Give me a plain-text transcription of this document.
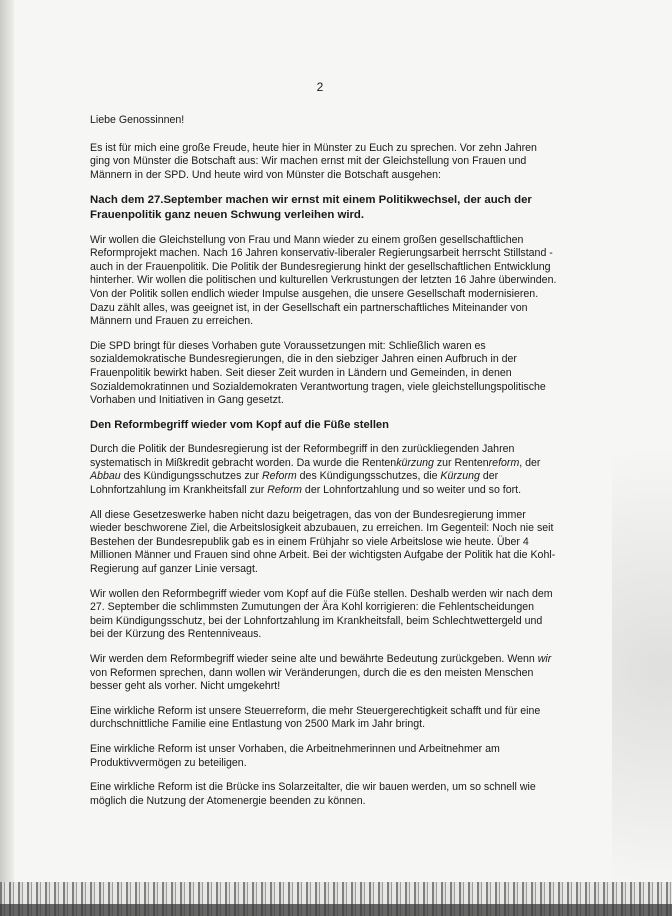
2

Liebe Genossinnen!

Es ist für mich eine große Freude, heute hier in Münster zu Euch zu sprechen. Vor zehn Jahren ging von Münster die Botschaft aus: Wir machen ernst mit der Gleichstellung von Frauen und Männern in der SPD. Und heute wird von Münster die Botschaft ausgehen:

Nach dem 27.September machen wir ernst mit einem Politikwechsel, der auch der Frauenpolitik ganz neuen Schwung verleihen wird.

Wir wollen die Gleichstellung von Frau und Mann wieder zu einem großen gesellschaftlichen Reformprojekt machen. Nach 16 Jahren konservativ-liberaler Regierungsarbeit herrscht Stillstand - auch in der Frauenpolitik. Die Politik der Bundesregierung hinkt der gesellschaftlichen Entwicklung hinterher. Wir wollen die politischen und kulturellen Verkrustungen der letzten 16 Jahre überwinden. Von der Politik sollen endlich wieder Impulse ausgehen, die unsere Gesellschaft modernisieren. Dazu zählt alles, was geeignet ist, in der Gesellschaft ein partnerschaftliches Miteinander von Männern und Frauen zu erreichen.

Die SPD bringt für dieses Vorhaben gute Voraussetzungen mit: Schließlich waren es sozialdemokratische Bundesregierungen, die in den siebziger Jahren einen Aufbruch in der Frauenpolitik bewirkt haben. Seit dieser Zeit wurden in Ländern und Gemeinden, in denen Sozialdemokratinnen und Sozialdemokraten Verantwortung tragen, viele gleichstellungspolitische Vorhaben und Initiativen in Gang gesetzt.

Den Reformbegriff wieder vom Kopf auf die Füße stellen

Durch die Politik der Bundesregierung ist der Reformbegriff in den zurückliegenden Jahren systematisch in Mißkredit gebracht worden. Da wurde die Rentenkürzung zur Rentenreform, der Abbau des Kündigungsschutzes zur Reform des Kündigungsschutzes, die Kürzung der Lohnfortzahlung im Krankheitsfall zur Reform der Lohnfortzahlung und so weiter und so fort.

All diese Gesetzeswerke haben nicht dazu beigetragen, das von der Bundesregierung immer wieder beschworene Ziel, die Arbeitslosigkeit abzubauen, zu erreichen. Im Gegenteil: Noch nie seit Bestehen der Bundesrepublik gab es in einem Frühjahr so viele Arbeitslose wie heute. Über 4 Millionen Männer und Frauen sind ohne Arbeit. Bei der wichtigsten Aufgabe der Politik hat die Kohl-Regierung auf ganzer Linie versagt.

Wir wollen den Reformbegriff wieder vom Kopf auf die Füße stellen. Deshalb werden wir nach dem 27. September die schlimmsten Zumutungen der Ära Kohl korrigieren: die Fehlentscheidungen beim Kündigungsschutz, bei der Lohnfortzahlung im Krankheitsfall, beim Schlechtwettergeld und bei der Kürzung des Rentenniveaus.

Wir werden dem Reformbegriff wieder seine alte und bewährte Bedeutung zurückgeben. Wenn wir von Reformen sprechen, dann wollen wir Veränderungen, durch die es den meisten Menschen besser geht als vorher. Nicht umgekehrt!

Eine wirkliche Reform ist unsere Steuerreform, die mehr Steuergerechtigkeit schafft und für eine durchschnittliche Familie eine Entlastung von 2500 Mark im Jahr bringt.

Eine wirkliche Reform ist unser Vorhaben, die Arbeitnehmerinnen und Arbeitnehmer am Produktivvermögen zu beteiligen.

Eine wirkliche Reform ist die Brücke ins Solarzeitalter, die wir bauen werden, um so schnell wie möglich die Nutzung der Atomenergie beenden zu können.
